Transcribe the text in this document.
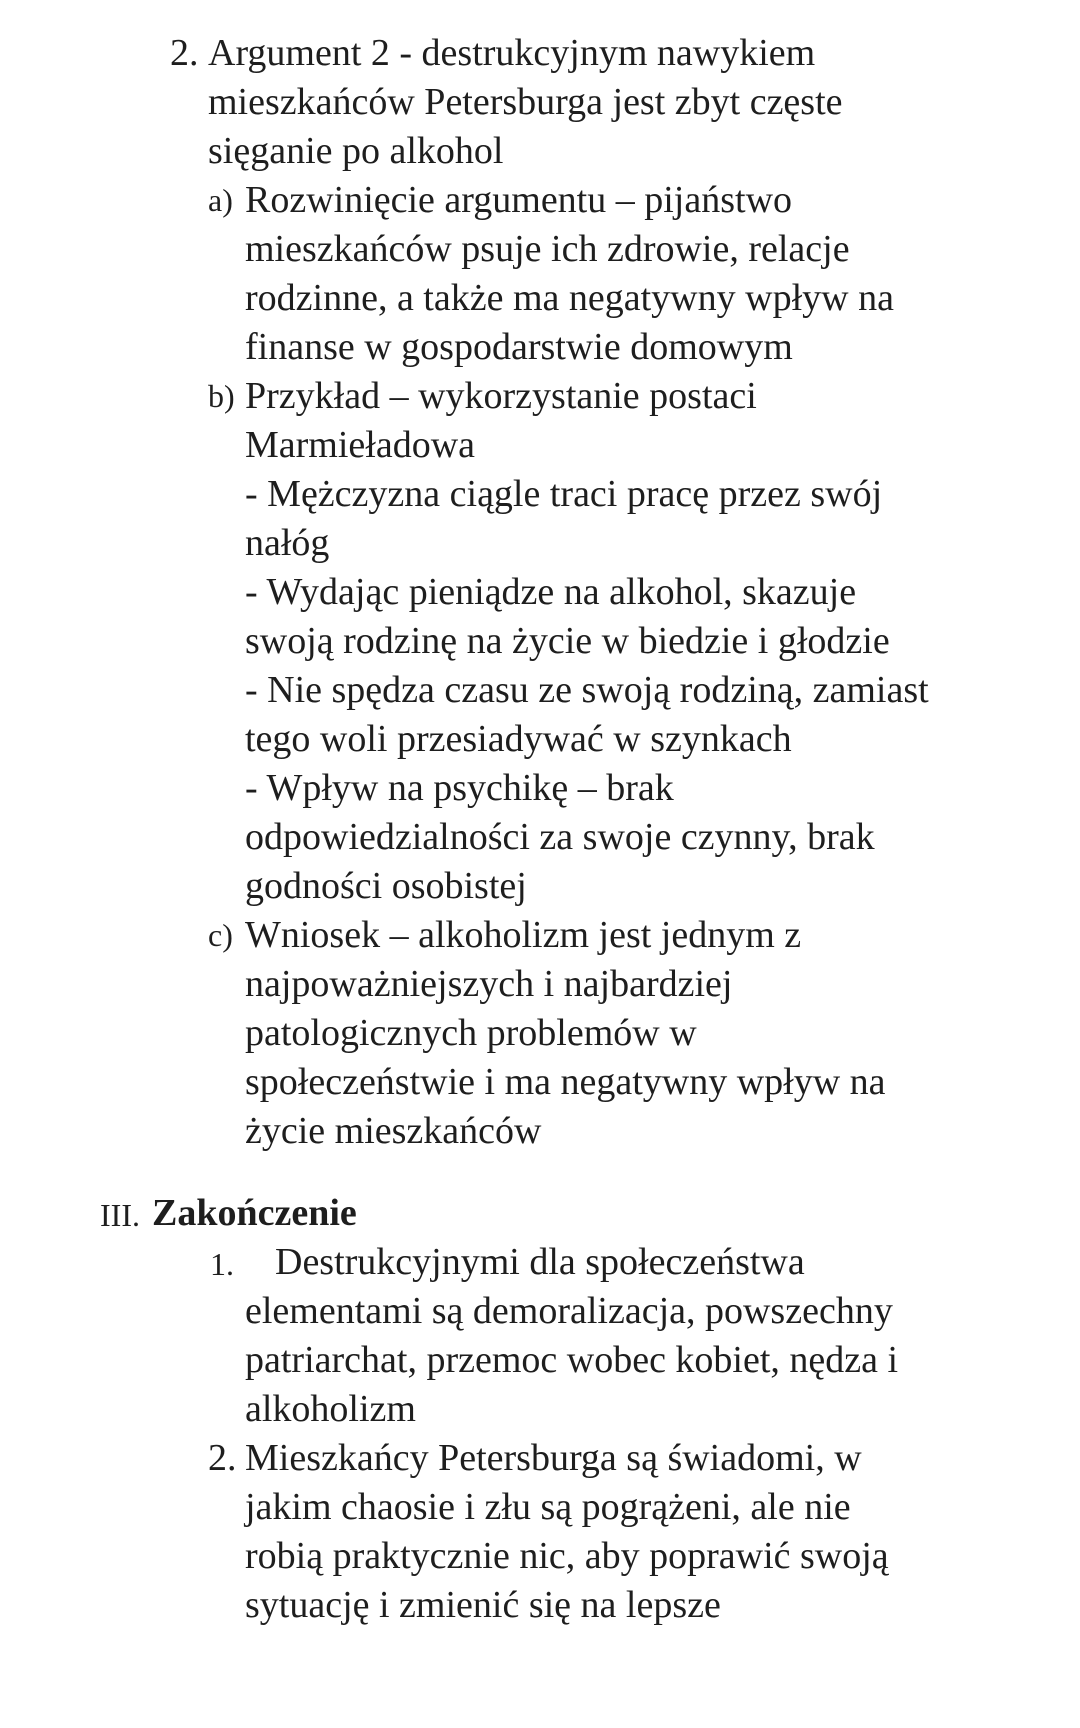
2. Argument 2 - destrukcyjnym nawykiem
mieszkańców Petersburga jest zbyt częste
sięganie po alkohol
a) Rozwinięcie argumentu – pijaństwo
mieszkańców psuje ich zdrowie, relacje
rodzinne, a także ma negatywny wpływ na
finanse w gospodarstwie domowym
b) Przykład – wykorzystanie postaci
Marmieładowa
- Mężczyzna ciągle traci pracę przez swój
nałóg
- Wydając pieniądze na alkohol, skazuje
swoją rodzinę na życie w biedzie i głodzie
- Nie spędza czasu ze swoją rodziną, zamiast
tego woli przesiadywać w szynkach
- Wpływ na psychikę – brak
odpowiedzialności za swoje czynny, brak
godności osobistej
c) Wniosek – alkoholizm jest jednym z
najpoważniejszych i najbardziej
patologicznych problemów w
społeczeństwie i ma negatywny wpływ na
życie mieszkańców
III. Zakończenie
1. Destrukcyjnymi dla społeczeństwa
elementami są demoralizacja, powszechny
patriarchat, przemoc wobec kobiet, nędza i
alkoholizm
2. Mieszkańcy Petersburga są świadomi, w
jakim chaosie i złu są pogrążeni, ale nie
robią praktycznie nic, aby poprawić swoją
sytuację i zmienić się na lepsze
